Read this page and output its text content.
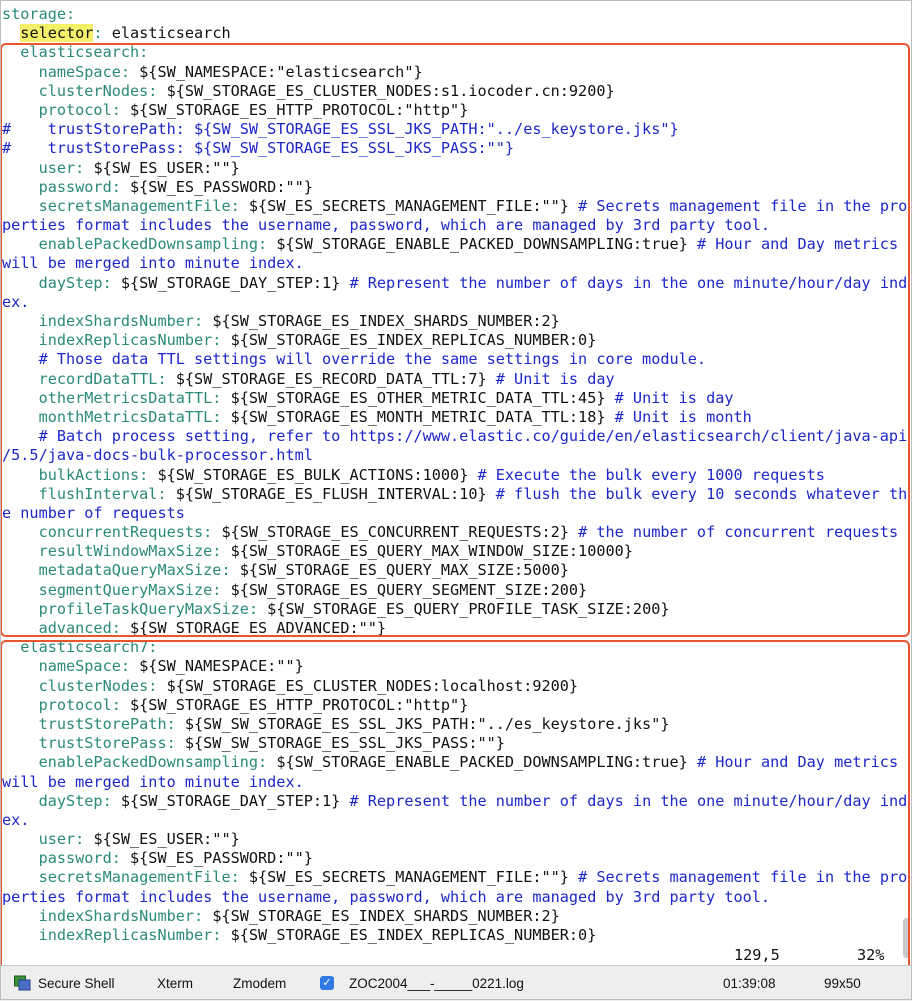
storage:
selector: elasticsearch
elasticsearch:
nameSpace: ${SW_NAMESPACE:"elasticsearch"}
clusterNodes: ${SW_STORAGE_ES_CLUSTER_NODES:s1.iocoder.cn:9200}
protocol: ${SW_STORAGE_ES_HTTP_PROTOCOL:"http"}
#    trustStorePath: ${SW_SW_STORAGE_ES_SSL_JKS_PATH:"../es_keystore.jks"}
#    trustStorePass: ${SW_SW_STORAGE_ES_SSL_JKS_PASS:""}
user: ${SW_ES_USER:""}
password: ${SW_ES_PASSWORD:""}
secretsManagementFile: ${SW_ES_SECRETS_MANAGEMENT_FILE:""} # Secrets management file in the pro
perties format includes the username, password, which are managed by 3rd party tool.
enablePackedDownsampling: ${SW_STORAGE_ENABLE_PACKED_DOWNSAMPLING:true} # Hour and Day metrics
will be merged into minute index.
dayStep: ${SW_STORAGE_DAY_STEP:1} # Represent the number of days in the one minute/hour/day ind
ex.
indexShardsNumber: ${SW_STORAGE_ES_INDEX_SHARDS_NUMBER:2}
indexReplicasNumber: ${SW_STORAGE_ES_INDEX_REPLICAS_NUMBER:0}
# Those data TTL settings will override the same settings in core module.
recordDataTTL: ${SW_STORAGE_ES_RECORD_DATA_TTL:7} # Unit is day
otherMetricsDataTTL: ${SW_STORAGE_ES_OTHER_METRIC_DATA_TTL:45} # Unit is day
monthMetricsDataTTL: ${SW_STORAGE_ES_MONTH_METRIC_DATA_TTL:18} # Unit is month
# Batch process setting, refer to https://www.elastic.co/guide/en/elasticsearch/client/java-api
/5.5/java-docs-bulk-processor.html
bulkActions: ${SW_STORAGE_ES_BULK_ACTIONS:1000} # Execute the bulk every 1000 requests
flushInterval: ${SW_STORAGE_ES_FLUSH_INTERVAL:10} # flush the bulk every 10 seconds whatever th
e number of requests
concurrentRequests: ${SW_STORAGE_ES_CONCURRENT_REQUESTS:2} # the number of concurrent requests
resultWindowMaxSize: ${SW_STORAGE_ES_QUERY_MAX_WINDOW_SIZE:10000}
metadataQueryMaxSize: ${SW_STORAGE_ES_QUERY_MAX_SIZE:5000}
segmentQueryMaxSize: ${SW_STORAGE_ES_QUERY_SEGMENT_SIZE:200}
profileTaskQueryMaxSize: ${SW_STORAGE_ES_QUERY_PROFILE_TASK_SIZE:200}
advanced: ${SW_STORAGE_ES_ADVANCED:""}
elasticsearch7:
nameSpace: ${SW_NAMESPACE:""}
clusterNodes: ${SW_STORAGE_ES_CLUSTER_NODES:localhost:9200}
protocol: ${SW_STORAGE_ES_HTTP_PROTOCOL:"http"}
trustStorePath: ${SW_SW_STORAGE_ES_SSL_JKS_PATH:"../es_keystore.jks"}
trustStorePass: ${SW_SW_STORAGE_ES_SSL_JKS_PASS:""}
enablePackedDownsampling: ${SW_STORAGE_ENABLE_PACKED_DOWNSAMPLING:true} # Hour and Day metrics
will be merged into minute index.
dayStep: ${SW_STORAGE_DAY_STEP:1} # Represent the number of days in the one minute/hour/day ind
ex.
user: ${SW_ES_USER:""}
password: ${SW_ES_PASSWORD:""}
secretsManagementFile: ${SW_ES_SECRETS_MANAGEMENT_FILE:""} # Secrets management file in the pro
perties format includes the username, password, which are managed by 3rd party tool.
indexShardsNumber: ${SW_STORAGE_ES_INDEX_SHARDS_NUMBER:2}
indexReplicasNumber: ${SW_STORAGE_ES_INDEX_REPLICAS_NUMBER:0}
129,5	32%
Secure Shell	Xterm	Zmodem	✓ ZOC2004___-_____0221.log	01:39:08	99x50
